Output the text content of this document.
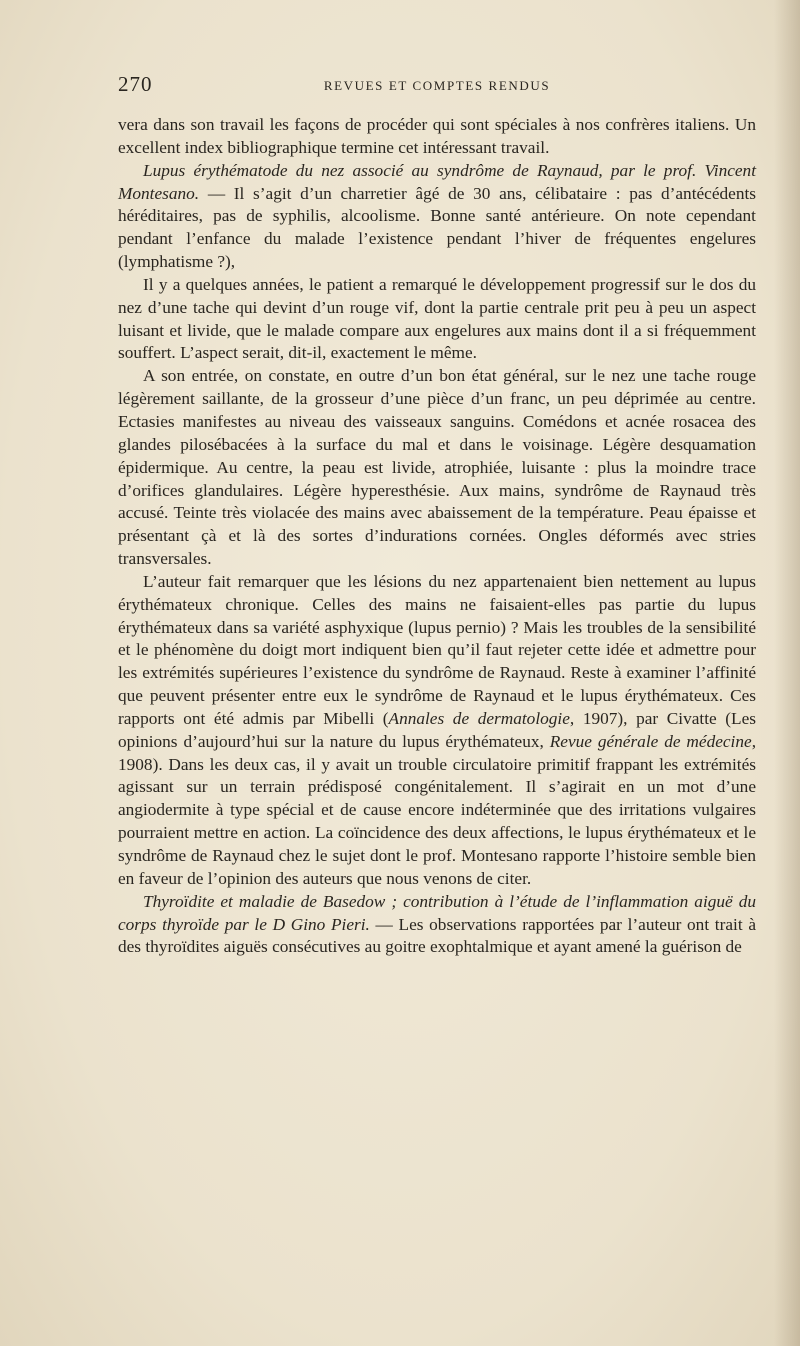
270	REVUES ET COMPTES RENDUS

vera dans son travail les façons de procéder qui sont spéciales à nos confrères italiens. Un excellent index bibliographique termine cet intéressant travail.

Lupus érythématode du nez associé au syndrôme de Raynaud, par le prof. Vincent Montesano. — Il s’agit d’un charretier âgé de 30 ans, célibataire : pas d’antécédents héréditaires, pas de syphilis, alcoolisme. Bonne santé antérieure. On note cependant pendant l’enfance du malade l’existence pendant l’hiver de fréquentes engelures (lymphatisme ?),

Il y a quelques années, le patient a remarqué le développement progressif sur le dos du nez d’une tache qui devint d’un rouge vif, dont la partie centrale prit peu à peu un aspect luisant et livide, que le malade compare aux engelures aux mains dont il a si fréquemment souffert. L’aspect serait, dit-il, exactement le même.

A son entrée, on constate, en outre d’un bon état général, sur le nez une tache rouge légèrement saillante, de la grosseur d’une pièce d’un franc, un peu déprimée au centre. Ectasies manifestes au niveau des vaisseaux sanguins. Comédons et acnée rosacea des glandes pilosébacées à la surface du mal et dans le voisinage. Légère desquamation épidermique. Au centre, la peau est livide, atrophiée, luisante : plus la moindre trace d’orifices glandulaires. Légère hyperesthésie. Aux mains, syndrôme de Raynaud très accusé. Teinte très violacée des mains avec abaissement de la température. Peau épaisse et présentant çà et là des sortes d’indurations cornées. Ongles déformés avec stries transversales.

L’auteur fait remarquer que les lésions du nez appartenaient bien nettement au lupus érythémateux chronique. Celles des mains ne faisaient-elles pas partie du lupus érythémateux dans sa variété asphyxique (lupus pernio) ? Mais les troubles de la sensibilité et le phénomène du doigt mort indiquent bien qu’il faut rejeter cette idée et admettre pour les extrémités supérieures l’existence du syndrôme de Raynaud. Reste à examiner l’affinité que peuvent présenter entre eux le syndrôme de Raynaud et le lupus érythémateux. Ces rapports ont été admis par Mibelli (Annales de dermatologie, 1907), par Civatte (Les opinions d’aujourd’hui sur la nature du lupus érythémateux, Revue générale de médecine, 1908). Dans les deux cas, il y avait un trouble circulatoire primitif frappant les extrémités agissant sur un terrain prédisposé congénitalement. Il s’agirait en un mot d’une angiodermite à type spécial et de cause encore indéterminée que des irritations vulgaires pourraient mettre en action. La coïncidence des deux affections, le lupus érythémateux et le syndrôme de Raynaud chez le sujet dont le prof. Montesano rapporte l’histoire semble bien en faveur de l’opinion des auteurs que nous venons de citer.

Thyroïdite et maladie de Basedow ; contribution à l’étude de l’inflammation aiguë du corps thyroïde par le D Gino Pieri. — Les observations rapportées par l’auteur ont trait à des thyroïdites aiguës consécutives au goitre exophtalmique et ayant amené la guérison de
